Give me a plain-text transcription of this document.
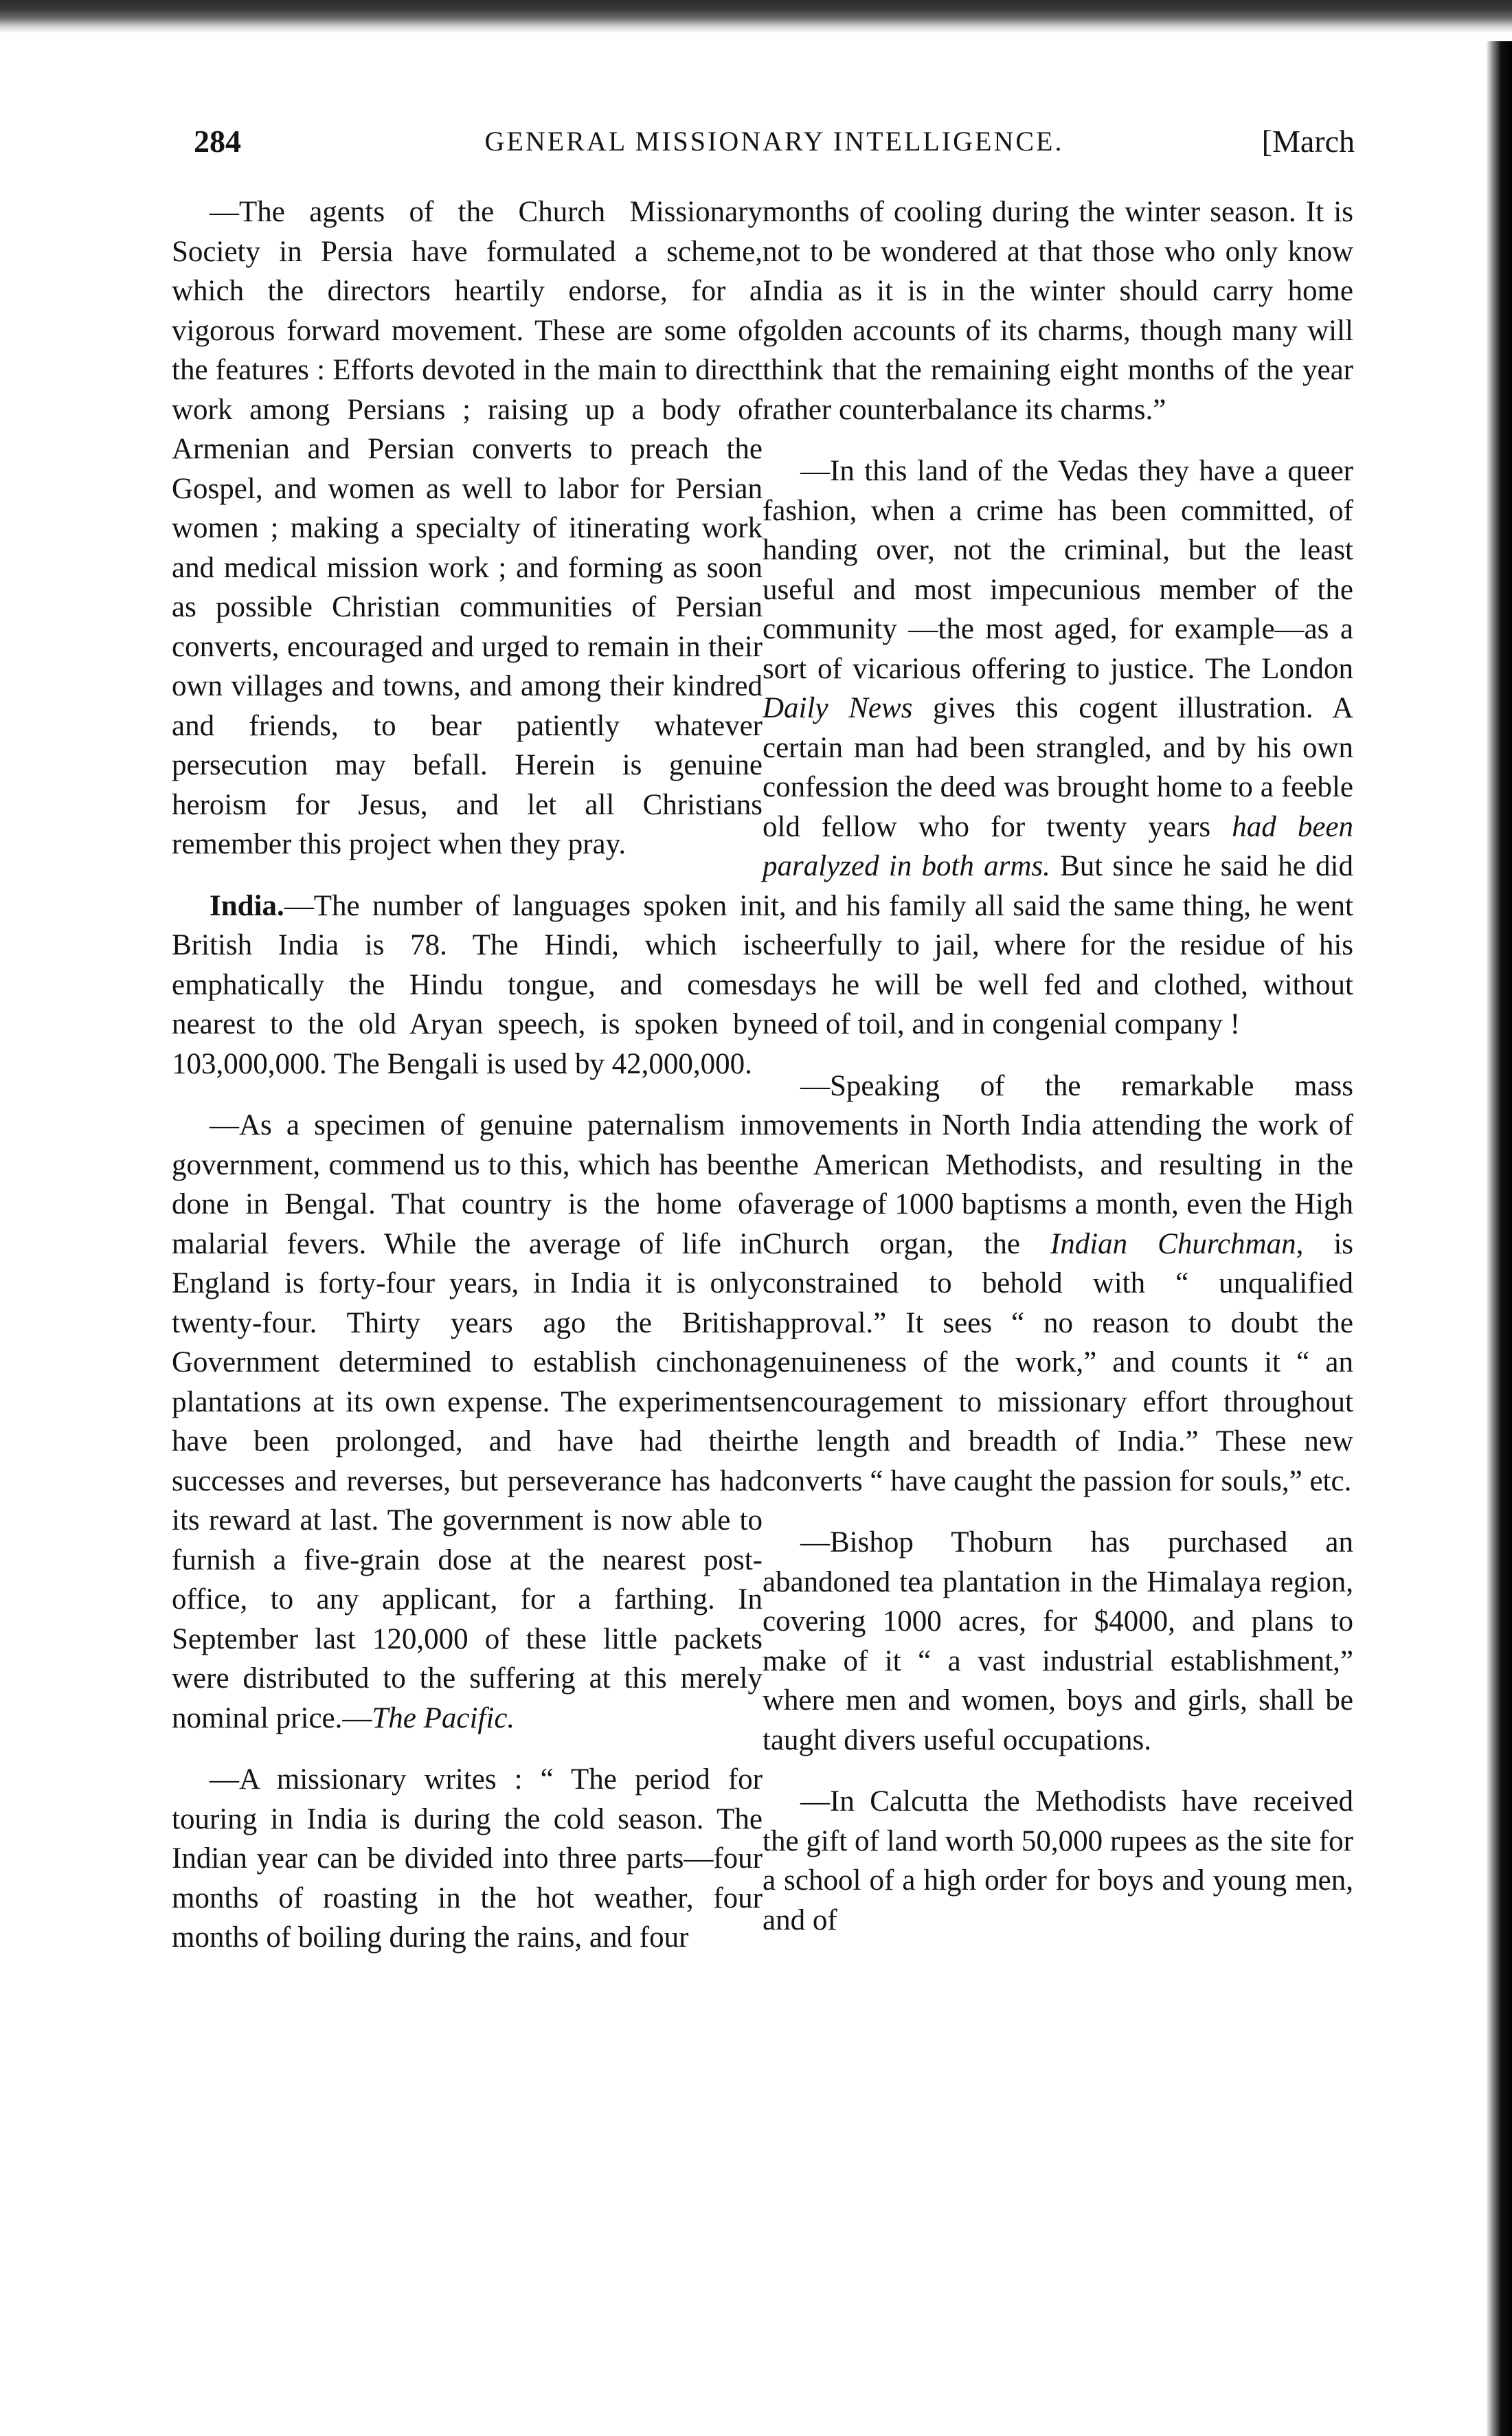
284	GENERAL MISSIONARY INTELLIGENCE.	[March

—The agents of the Church Missionary Society in Persia have formulated a scheme, which the directors heartily endorse, for a vigorous forward movement. These are some of the features : Efforts devoted in the main to direct work among Persians ; raising up a body of Armenian and Persian converts to preach the Gospel, and women as well to labor for Persian women ; making a specialty of itinerating work and medical mission work ; and forming as soon as possible Christian communities of Persian converts, encouraged and urged to remain in their own villages and towns, and among their kindred and friends, to bear patiently whatever persecution may befall. Herein is genuine heroism for Jesus, and let all Christians remember this project when they pray.

India.—The number of languages spoken in British India is 78. The Hindi, which is emphatically the Hindu tongue, and comes nearest to the old Aryan speech, is spoken by 103,000,000. The Bengali is used by 42,000,000.

—As a specimen of genuine paternalism in government, commend us to this, which has been done in Bengal. That country is the home of malarial fevers. While the average of life in England is forty-four years, in India it is only twenty-four. Thirty years ago the British Government determined to establish cinchona plantations at its own expense. The experiments have been prolonged, and have had their successes and reverses, but perseverance has had its reward at last. The government is now able to furnish a five-grain dose at the nearest post-office, to any applicant, for a farthing. In September last 120,000 of these little packets were distributed to the suffering at this merely nominal price.—The Pacific.

—A missionary writes : “ The period for touring in India is during the cold season. The Indian year can be divided into three parts—four months of roasting in the hot weather, four months of boiling during the rains, and four

months of cooling during the winter season. It is not to be wondered at that those who only know India as it is in the winter should carry home golden accounts of its charms, though many will think that the remaining eight months of the year rather counterbalance its charms.”

—In this land of the Vedas they have a queer fashion, when a crime has been committed, of handing over, not the criminal, but the least useful and most impecunious member of the community —the most aged, for example—as a sort of vicarious offering to justice. The London Daily News gives this cogent illustration. A certain man had been strangled, and by his own confession the deed was brought home to a feeble old fellow who for twenty years had been paralyzed in both arms. But since he said he did it, and his family all said the same thing, he went cheerfully to jail, where for the residue of his days he will be well fed and clothed, without need of toil, and in congenial company !

—Speaking of the remarkable mass movements in North India attending the work of the American Methodists, and resulting in the average of 1000 baptisms a month, even the High Church organ, the Indian Churchman, is constrained to behold with “ unqualified approval.” It sees “ no reason to doubt the genuineness of the work,” and counts it “ an encouragement to missionary effort throughout the length and breadth of India.” These new converts “ have caught the passion for souls,” etc.

—Bishop Thoburn has purchased an abandoned tea plantation in the Himalaya region, covering 1000 acres, for $4000, and plans to make of it “ a vast industrial establishment,” where men and women, boys and girls, shall be taught divers useful occupations.

—In Calcutta the Methodists have received the gift of land worth 50,000 rupees as the site for a school of a high order for boys and young men, and of
